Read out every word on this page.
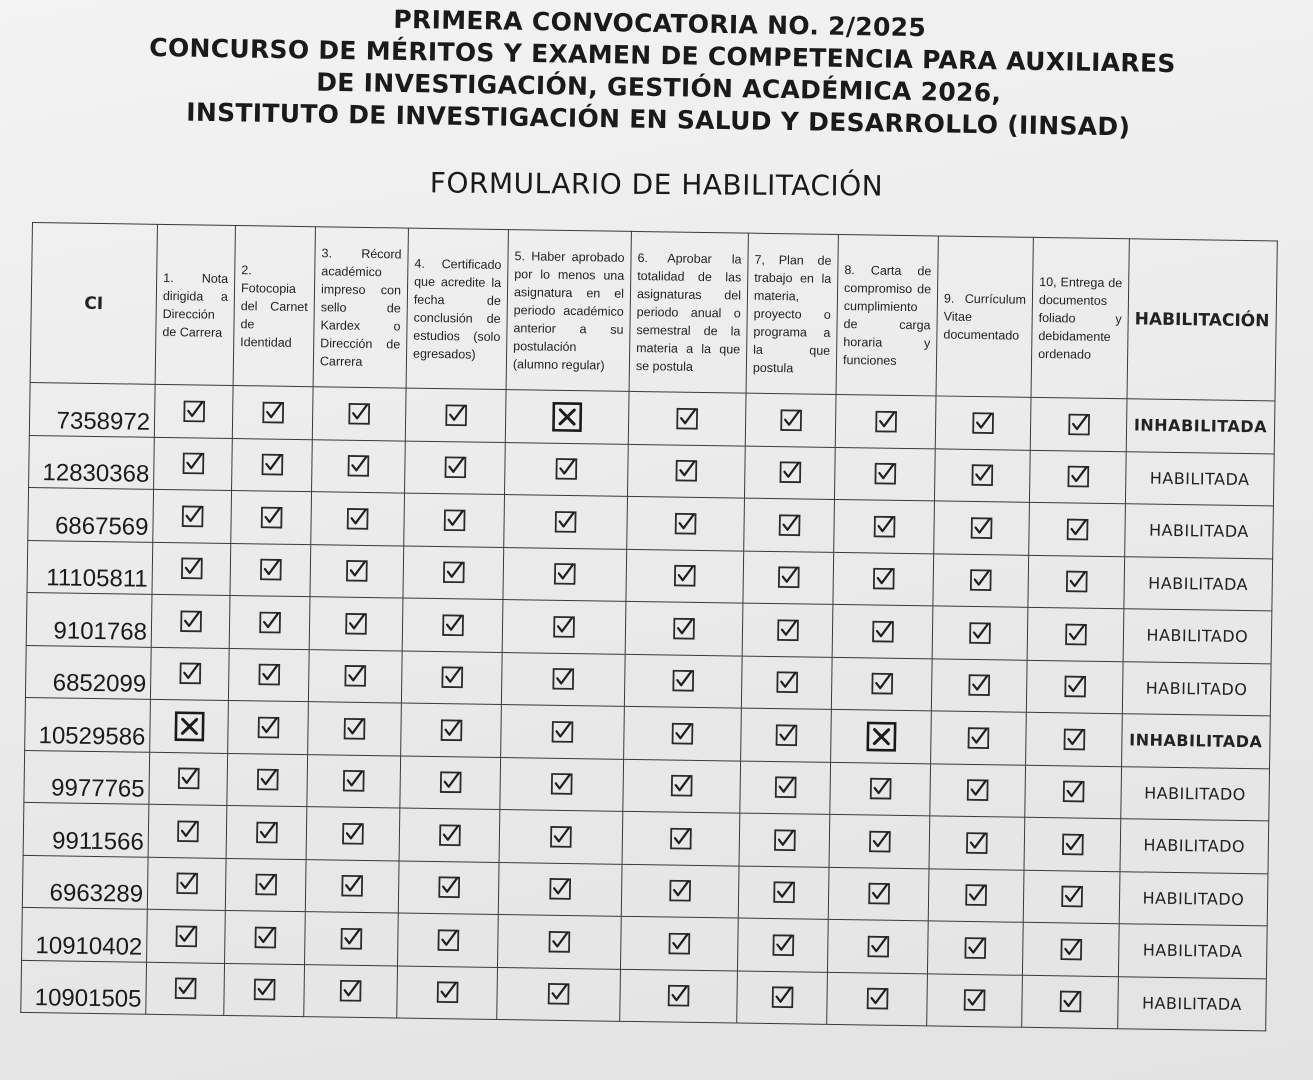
PRIMERA CONVOCATORIA NO. 2/2025
CONCURSO DE MÉRITOS Y EXAMEN DE COMPETENCIA PARA AUXILIARES
DE INVESTIGACIÓN, GESTIÓN ACADÉMICA 2026,
INSTITUTO DE INVESTIGACIÓN EN SALUD Y DESARROLLO (IINSAD)
FORMULARIO DE HABILITACIÓN
CI	1. Nota dirigida a Dirección de Carrera	2. Fotocopia del Carnet de Identidad	3. Récord académico impreso con sello de Kardex o Dirección de Carrera	4. Certificado que acredite la fecha de conclusión de estudios (solo egresados)	5. Haber aprobado por lo menos una asignatura en el periodo académico anterior a su postulación (alumno regular)	6. Aprobar la totalidad de las asignaturas del periodo anual o semestral de la materia a la que se postula	7, Plan de trabajo en la materia, proyecto o programa a la que postula	8. Carta de compromiso de cumplimiento de carga horaria y funciones	9. Currículum Vitae documentado	10, Entrega de documentos foliado y debidamente ordenado	HABILITACIÓN
7358972											INHABILITADA
12830368											HABILITADA
6867569											HABILITADA
11105811											HABILITADA
9101768											HABILITADO
6852099											HABILITADO
10529586											INHABILITADA
9977765											HABILITADO
9911566											HABILITADO
6963289											HABILITADO
10910402											HABILITADA
10901505											HABILITADA
